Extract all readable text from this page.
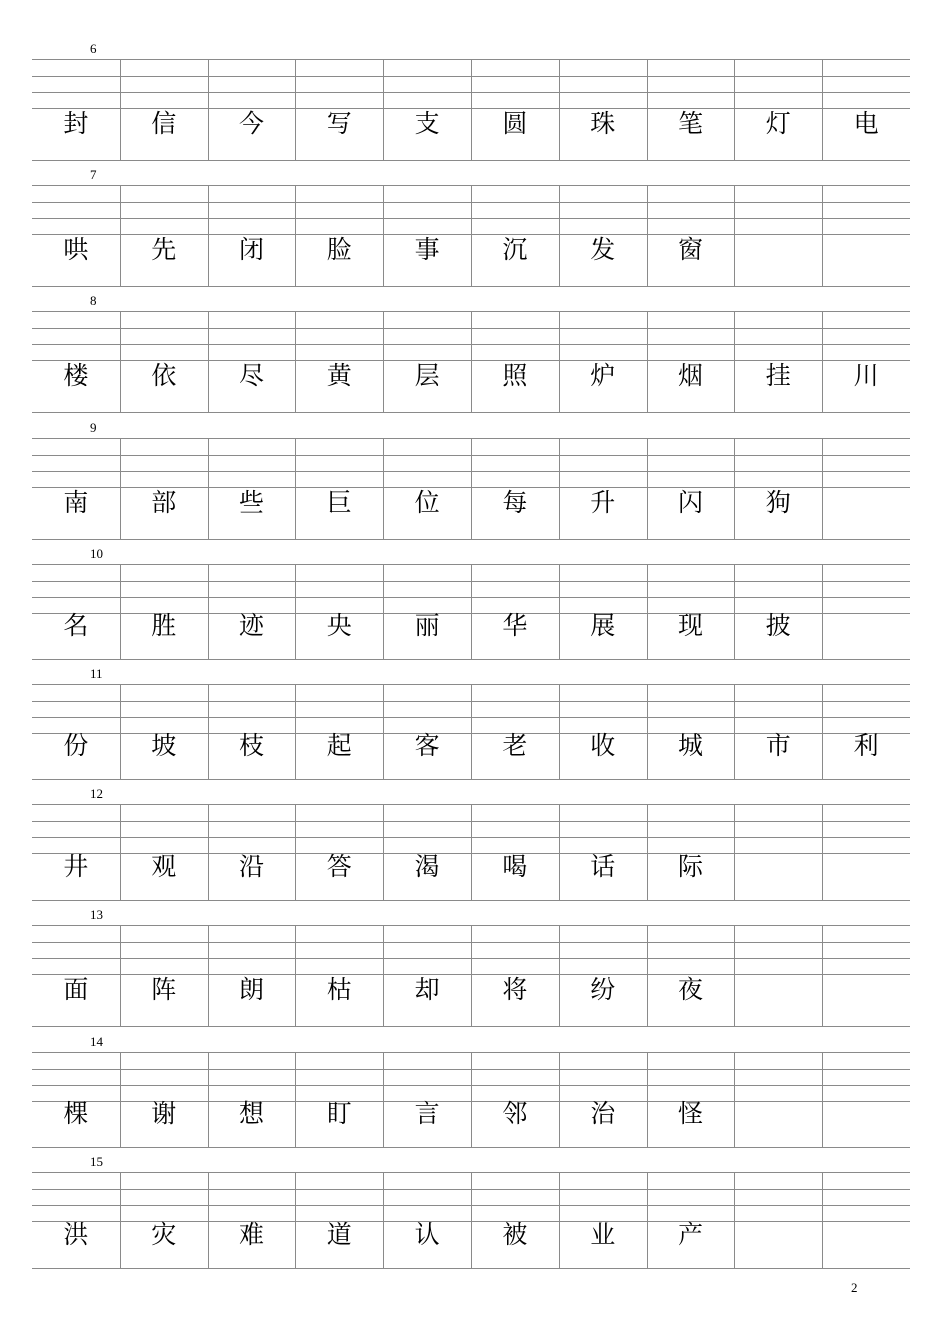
6
封	信	今	写	支	圆	珠	笔	灯	电
7
哄	先	闭	脸	事	沉	发	窗
8
楼	依	尽	黄	层	照	炉	烟	挂	川
9
南	部	些	巨	位	每	升	闪	狗
10
名	胜	迹	央	丽	华	展	现	披
11
份	坡	枝	起	客	老	收	城	市	利
12
井	观	沿	答	渴	喝	话	际
13
面	阵	朗	枯	却	将	纷	夜
14
棵	谢	想	盯	言	邻	治	怪
15
洪	灾	难	道	认	被	业	产
2
